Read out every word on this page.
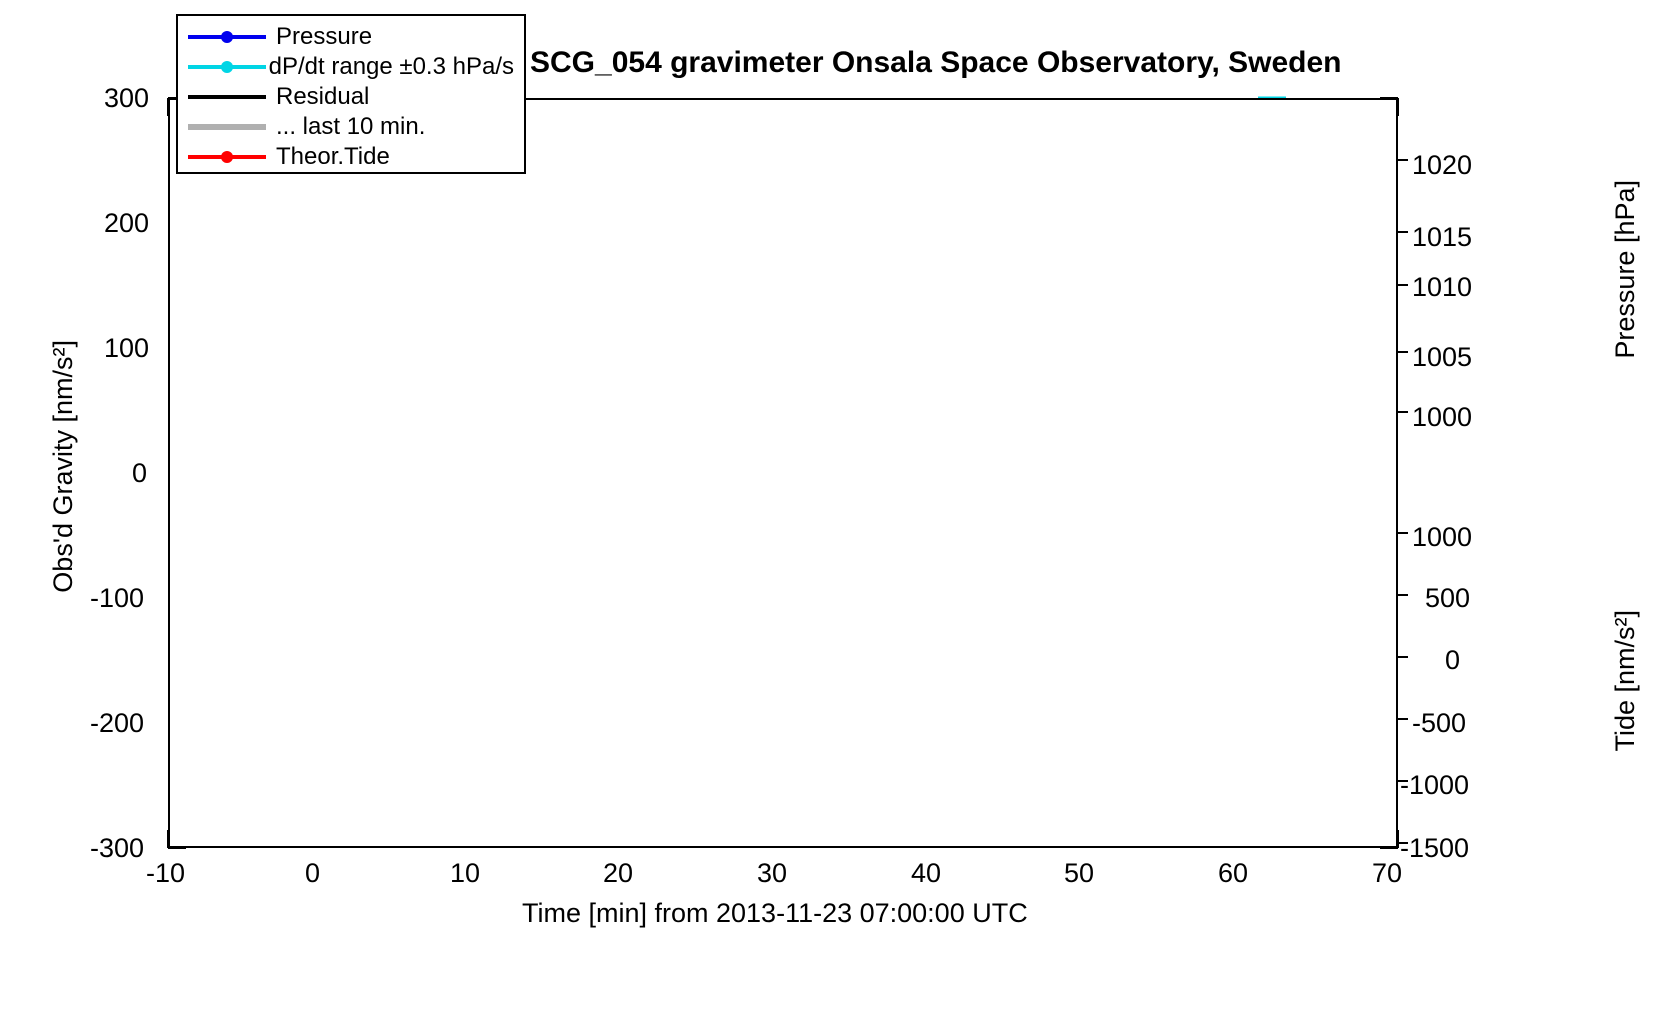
Obs'd Gravity [nm/s²]
300
200
100
0
-100
-200
-300
-10	0	10	20	30	40	50	60	70
Time [min] from 2013-11-23 07:00:00 UTC
1020
1015
1010
1005
1000
Pressure [hPa]
1000
500
0
-500
-1000
-1500
Tide [nm/s²]
SCG_054 gravimeter Onsala Space Observatory, Sweden
Pressure
dP/dt range ±0.3 hPa/s
Residual
... last 10 min.
Theor.Tide
